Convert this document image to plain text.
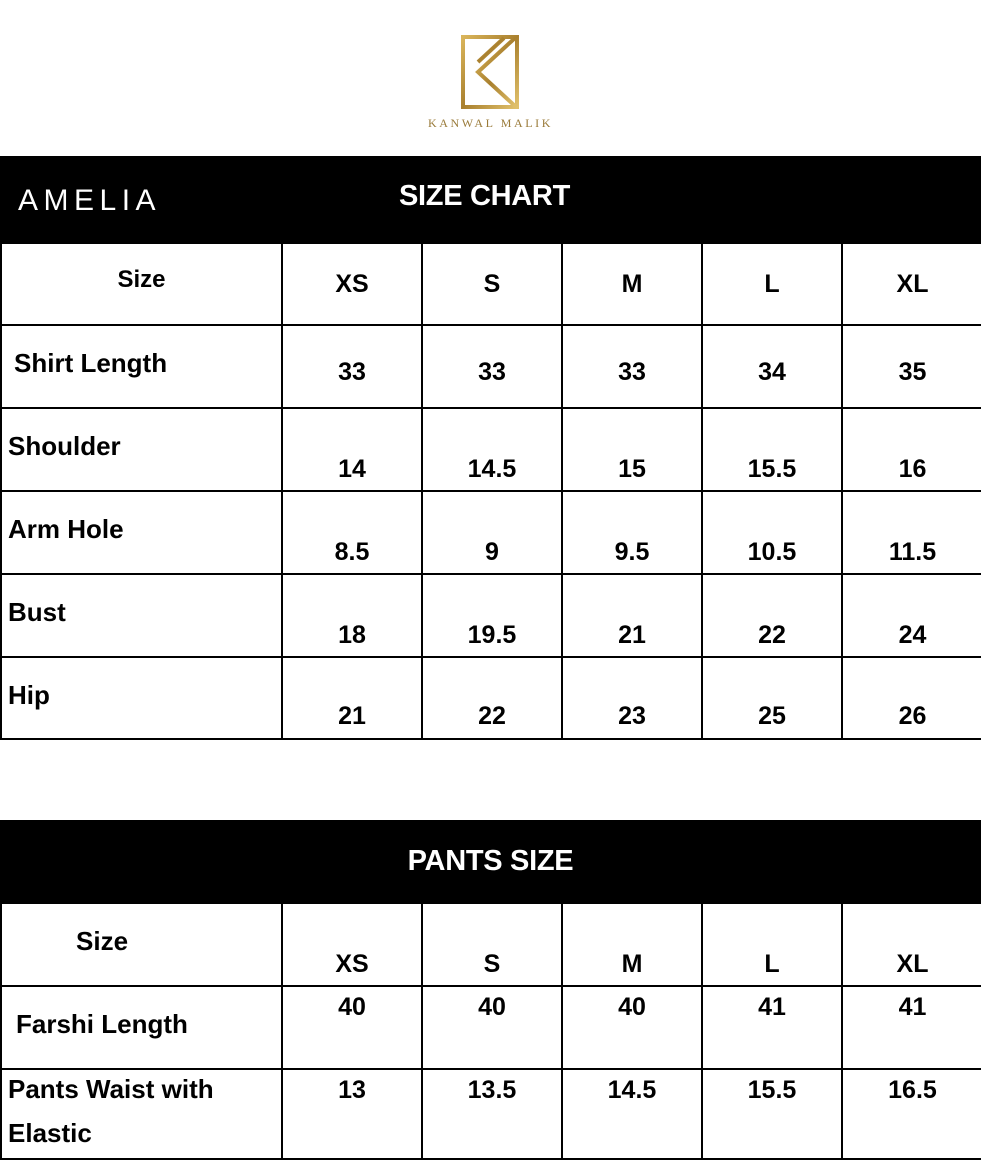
KANWAL MALIK
AMELIA	SIZE CHART
Size	XS	S	M	L	XL

Shirt Length	33	33	33	34	35

Shoulder	14	14.5	15	15.5	16

Arm Hole	8.5	9	9.5	10.5	11.5

Bust	18	19.5	21	22	24

Hip	21	22	23	25	26
PANTS SIZE
Size	XS	S	M	L	XL

Farshi Length	40	40	40	41	41

Pants Waist with
Elastic	13	13.5	14.5	15.5	16.5
